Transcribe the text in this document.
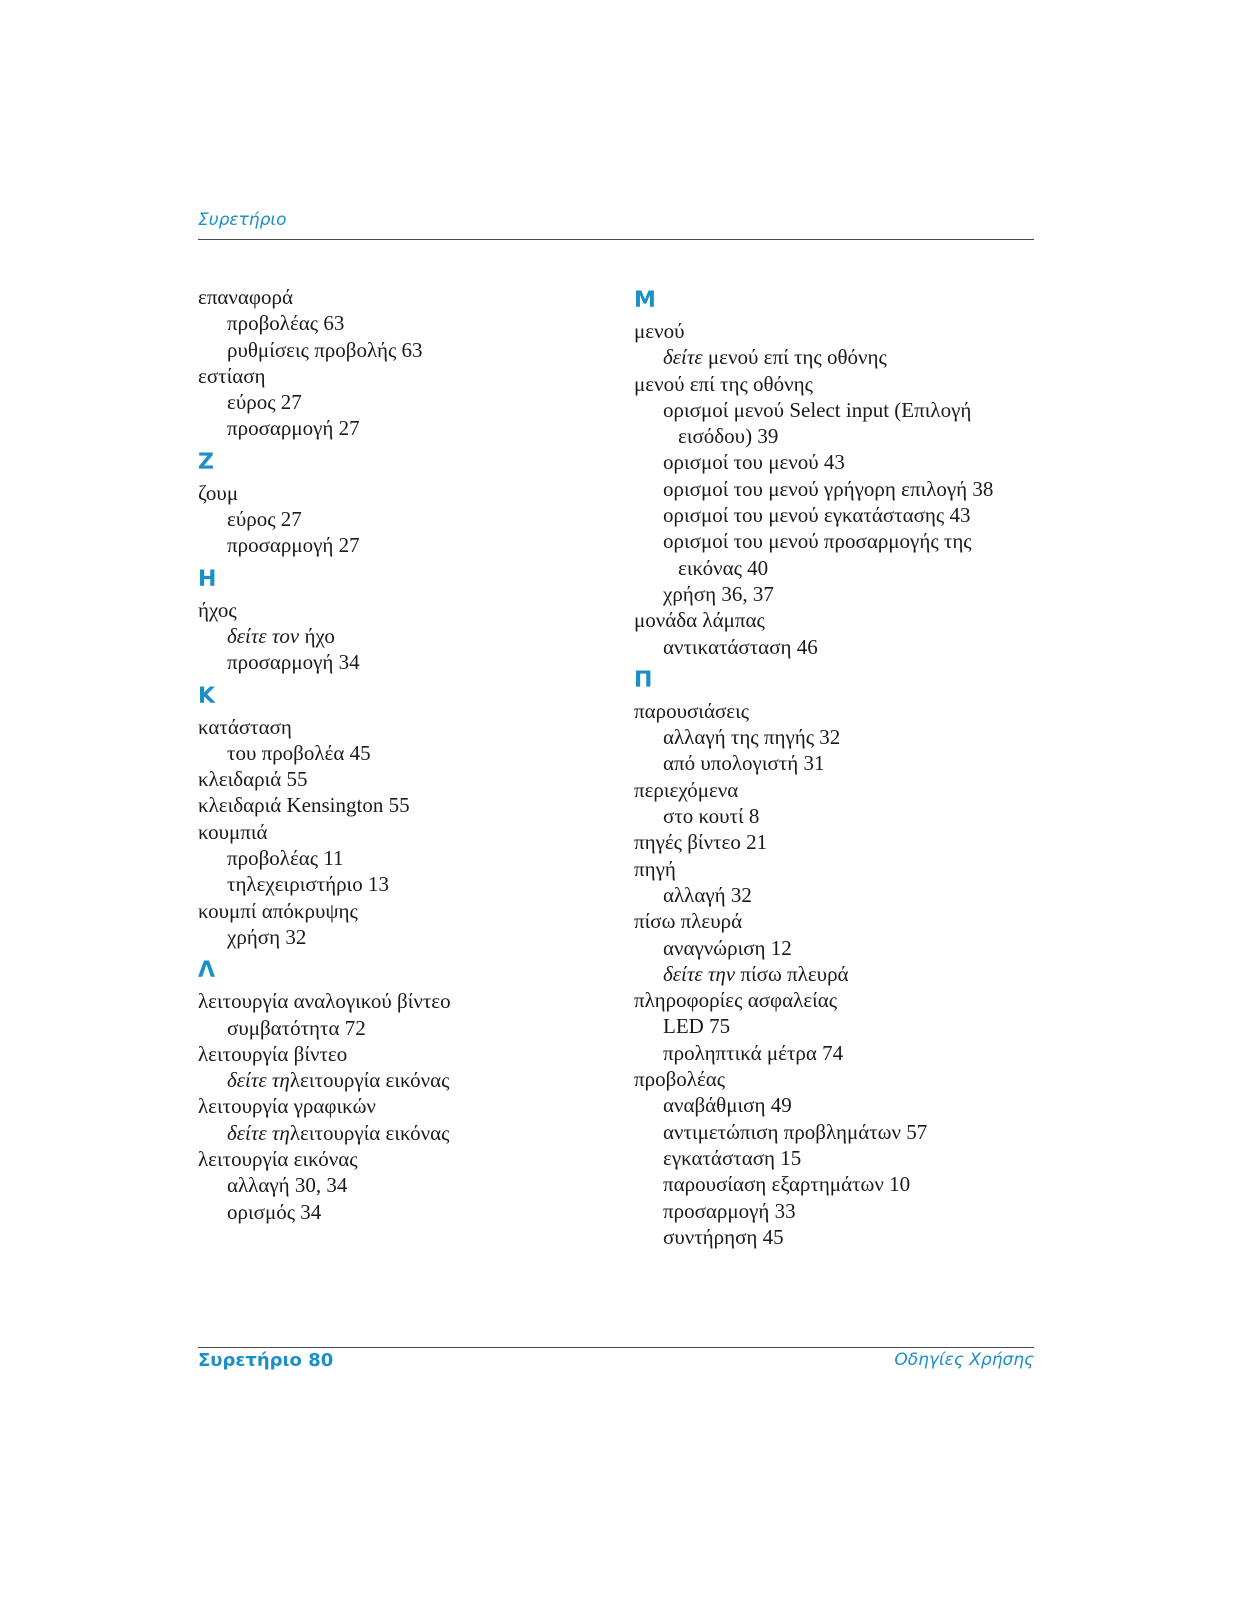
Συρετήριο
επαναφορά
προβολέας 63
ρυθμίσεις προβολής 63
εστίαση
εύρος 27
προσαρμογή 27
Ζ
ζουμ
εύρος 27
προσαρμογή 27
Η
ήχος
δείτε τον ήχο
προσαρμογή 34
Κ
κατάσταση
του προβολέα 45
κλειδαριά 55
κλειδαριά Kensington 55
κουμπιά
προβολέας 11
τηλεχειριστήριο 13
κουμπί απόκρυψης
χρήση 32
Λ
λειτουργία αναλογικού βίντεο
συμβατότητα 72
λειτουργία βίντεο
δείτε τηλειτουργία εικόνας
λειτουργία γραφικών
δείτε τηλειτουργία εικόνας
λειτουργία εικόνας
αλλαγή 30, 34
ορισμός 34
Μ
μενού
δείτε μενού επί της οθόνης
μενού επί της οθόνης
ορισμοί μενού Select input (Επιλογή
εισόδου) 39
ορισμοί του μενού 43
ορισμοί του μενού γρήγορη επιλογή 38
ορισμοί του μενού εγκατάστασης 43
ορισμοί του μενού προσαρμογής της
εικόνας 40
χρήση 36, 37
μονάδα λάμπας
αντικατάσταση 46
Π
παρουσιάσεις
αλλαγή της πηγής 32
από υπολογιστή 31
περιεχόμενα
στο κουτί 8
πηγές βίντεο 21
πηγή
αλλαγή 32
πίσω πλευρά
αναγνώριση 12
δείτε την πίσω πλευρά
πληροφορίες ασφαλείας
LED 75
προληπτικά μέτρα 74
προβολέας
αναβάθμιση 49
αντιμετώπιση προβλημάτων 57
εγκατάσταση 15
παρουσίαση εξαρτημάτων 10
προσαρμογή 33
συντήρηση 45
Συρετήριο 80	Οδηγίες Χρήσης
